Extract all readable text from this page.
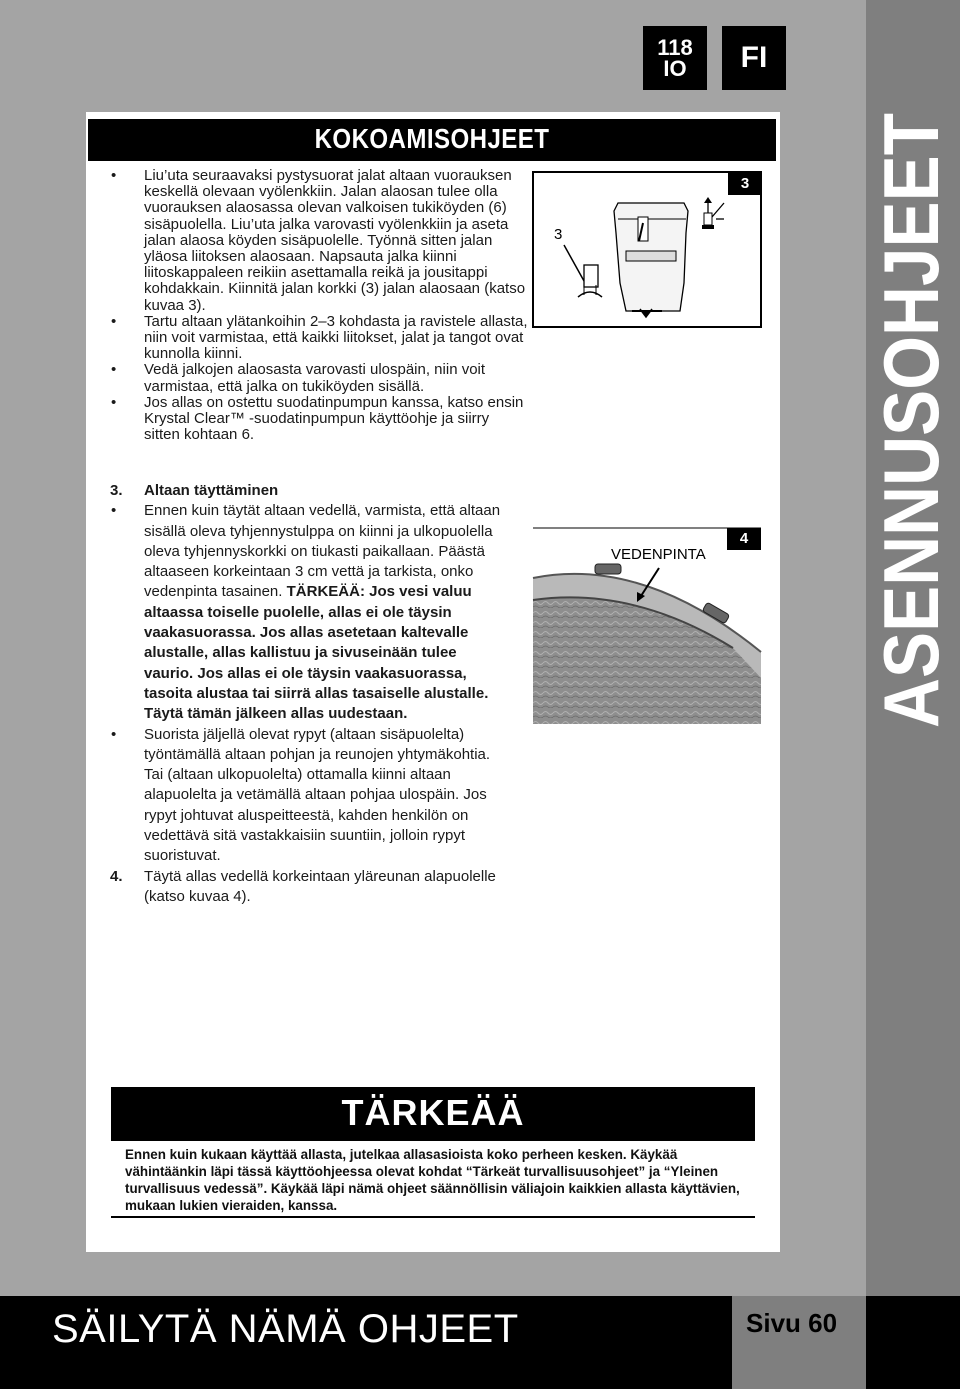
118
IO	FI
KOKOAMISOHJEET	ASENNUSOHJEET

• Liu’uta seuraavaksi pystysuorat jalat altaan vuorauksen keskellä olevaan vyölenkkiin. Jalan alaosan tulee olla vuorauksen alaosassa olevan valkoisen tukiköyden (6) sisäpuolella. Liu’uta jalka varovasti vyölenkkiin ja aseta jalan alaosa köyden sisäpuolelle. Työnnä sitten jalan yläosa liitoksen alaosaan. Napsauta jalka kiinni liitoskappaleen reikiin asettamalla reikä ja jousitappi kohdakkain. Kiinnitä jalan korkki (3) jalan alaosaan (katso kuvaa 3).

• Tartu altaan ylätankoihin 2–3 kohdasta ja ravistele allasta, niin voit varmistaa, että kaikki liitokset, jalat ja tangot ovat kunnolla kiinni.

• Vedä jalkojen alaosasta varovasti ulospäin, niin voit varmistaa, että jalka on tukiköyden sisällä.

• Jos allas on ostettu suodatinpumpun kanssa, katso ensin Krystal Clear™ -suodatinpumpun käyttöohje ja siirry sitten kohtaan 6.

3. Altaan täyttäminen

• Ennen kuin täytät altaan vedellä, varmista, että altaan sisällä oleva tyhjennystulppa on kiinni ja ulkopuolella oleva tyhjennyskorkki on tiukasti paikallaan. Päästä altaaseen korkeintaan 3 cm vettä ja tarkista, onko vedenpinta tasainen. TÄRKEÄÄ: Jos vesi valuu altaassa toiselle puolelle, allas ei ole täysin vaakasuorassa. Jos allas asetetaan kaltevalle alustalle, allas kallistuu ja sivuseinään tulee vaurio. Jos allas ei ole täysin vaakasuorassa, tasoita alustaa tai siirrä allas tasaiselle alustalle. Täytä tämän jälkeen allas uudestaan.

• Suorista jäljellä olevat rypyt (altaan sisäpuolelta) työntämällä altaan pohjan ja reunojen yhtymäkohtia. Tai (altaan ulkopuolelta) ottamalla kiinni altaan alapuolelta ja vetämällä altaan pohjaa ulospäin. Jos rypyt johtuvat aluspeitteestä, kahden henkilön on vedettävä sitä vastakkaisiin suuntiin, jolloin rypyt suoristuvat.

4. Täytä allas vedellä korkeintaan yläreunan alapuolelle (katso kuvaa 4).

3
3
VEDENPINTA
4
TÄRKEÄÄ
Ennen kuin kukaan käyttää allasta, jutelkaa allasasioista koko perheen kesken. Käykää vähintäänkin läpi tässä käyttöohjeessa olevat kohdat “Tärkeät turvallisuusohjeet” ja “Yleinen turvallisuus vedessä”. Käykää läpi nämä ohjeet säännöllisin väliajoin kaikkien allasta käyttävien, mukaan lukien vieraiden, kanssa.
SÄILYTÄ NÄMÄ OHJEET	Sivu 60
